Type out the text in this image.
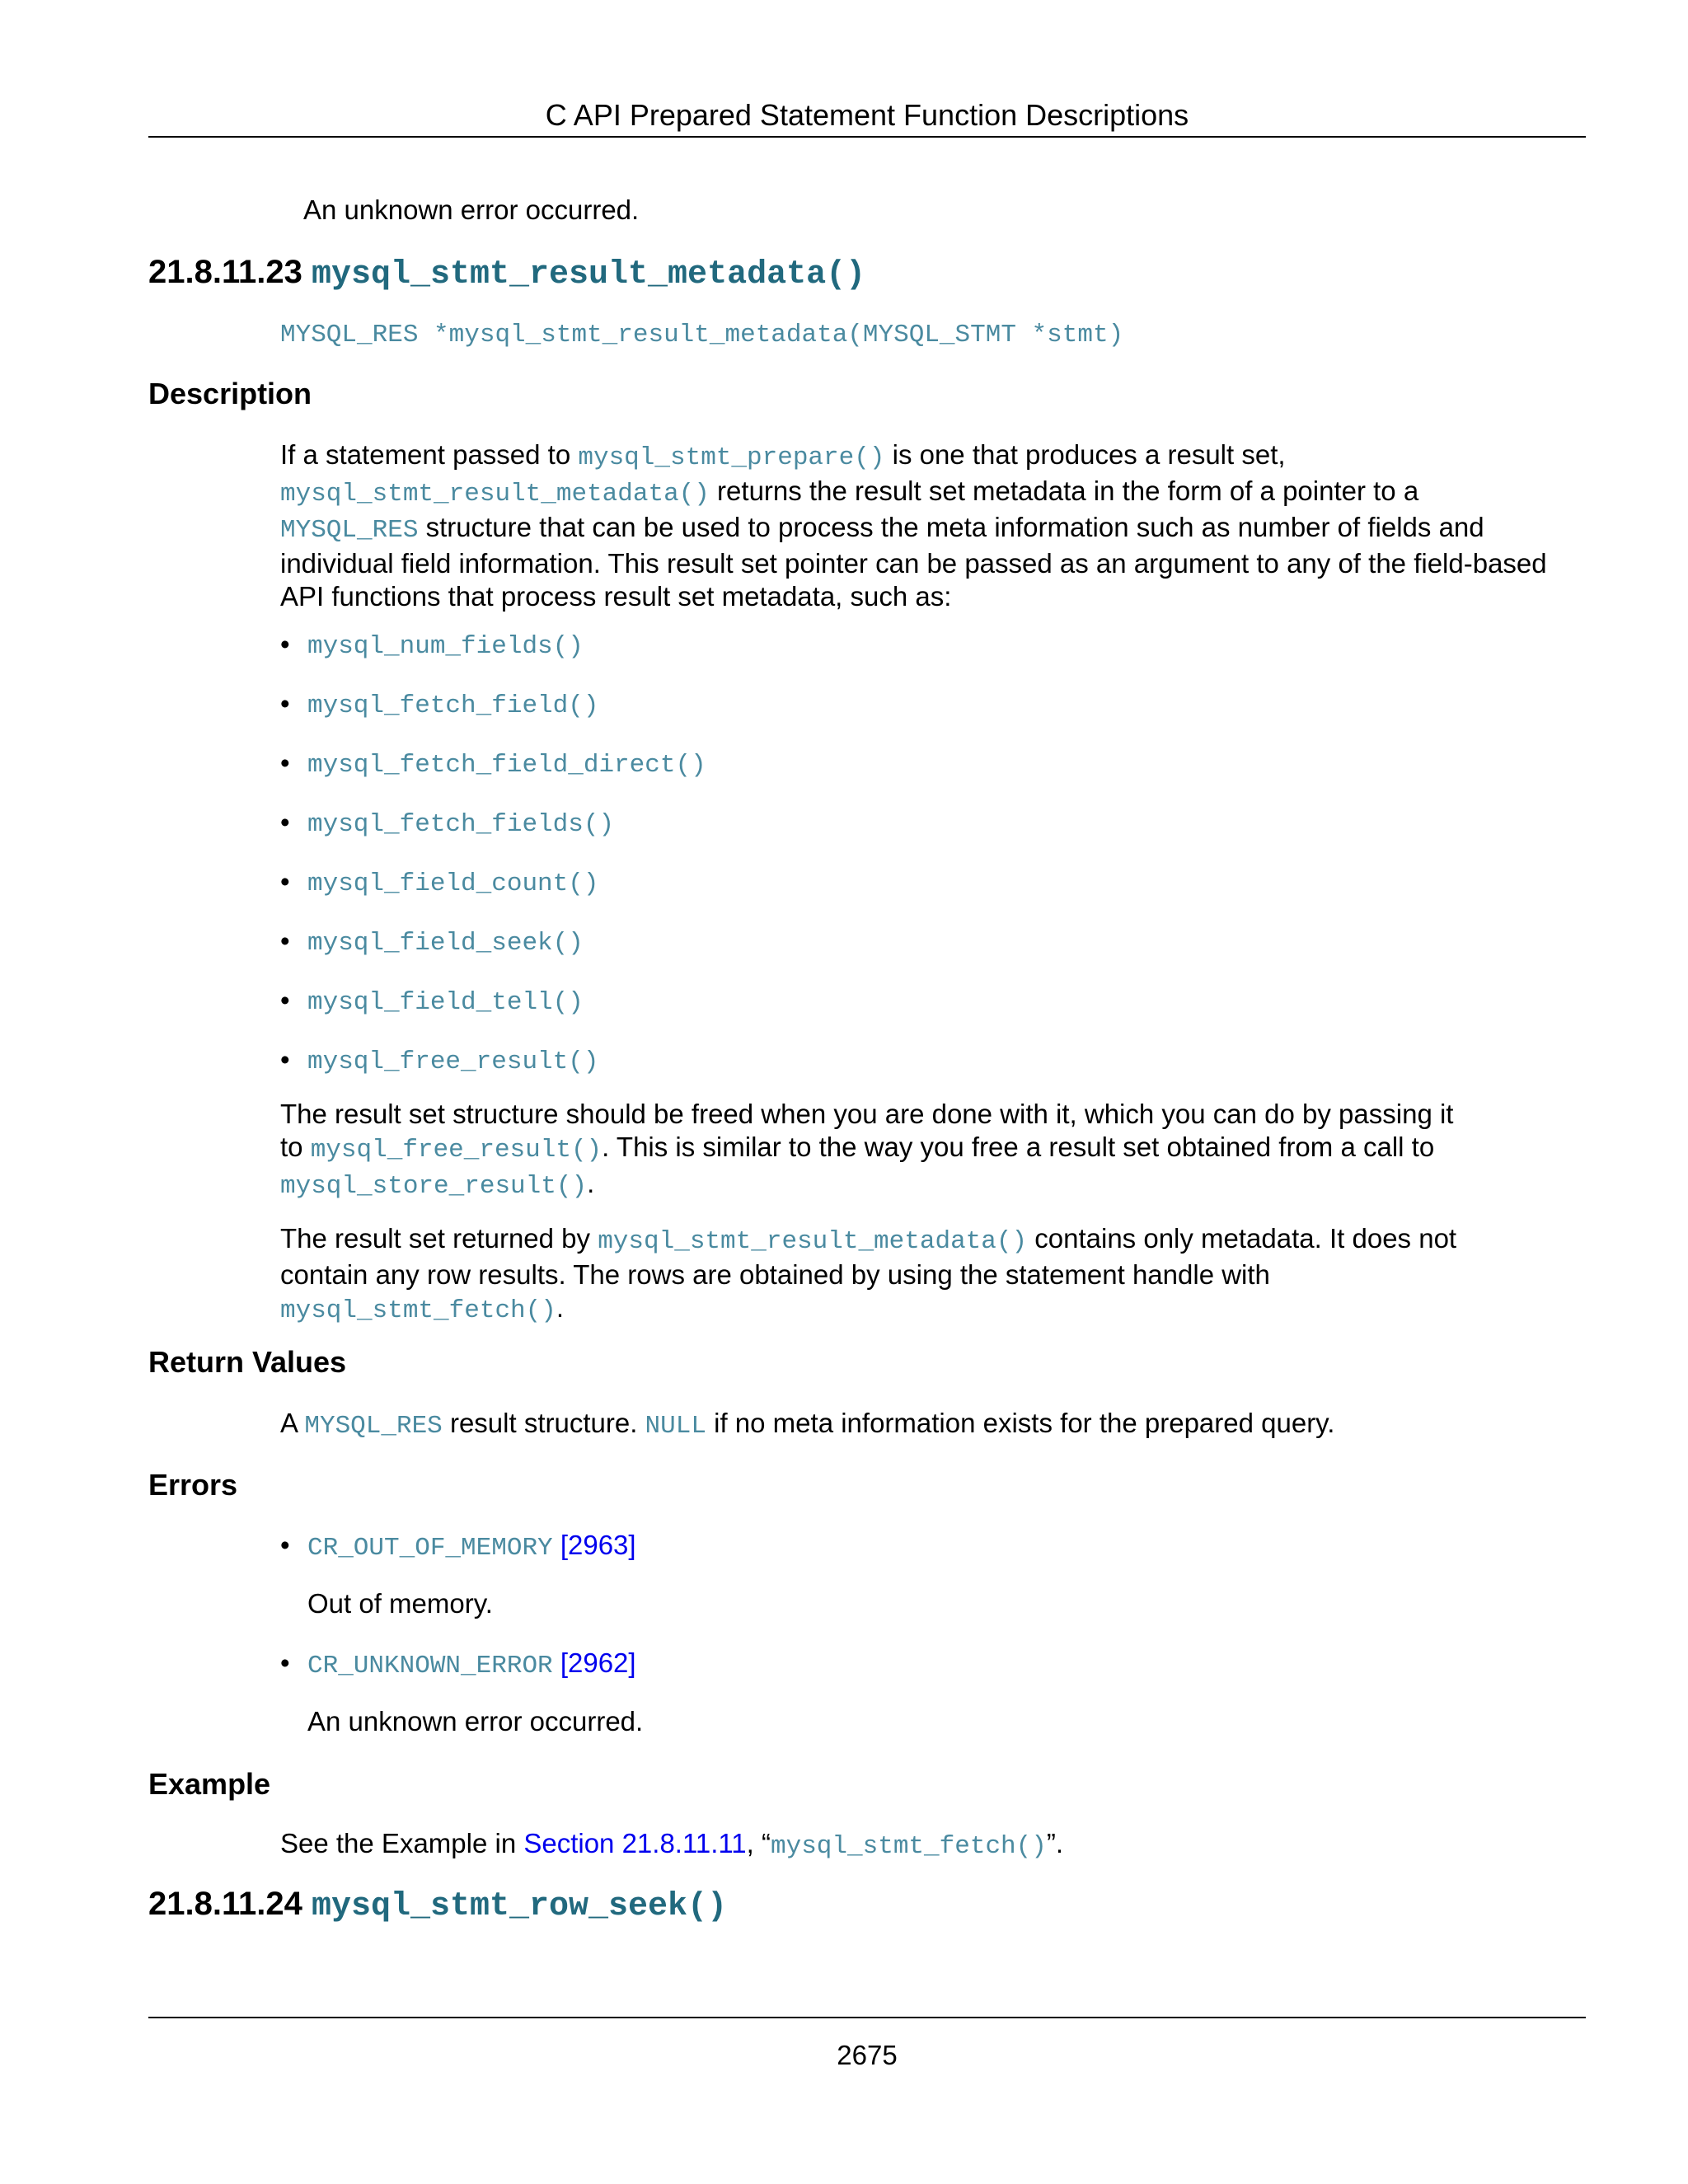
C API Prepared Statement Function Descriptions
An unknown error occurred.
21.8.11.23 mysql_stmt_result_metadata()
MYSQL_RES *mysql_stmt_result_metadata(MYSQL_STMT *stmt)
Description
If a statement passed to mysql_stmt_prepare() is one that produces a result set,
mysql_stmt_result_metadata() returns the result set metadata in the form of a pointer to a
MYSQL_RES structure that can be used to process the meta information such as number of fields and individual field information. This result set pointer can be passed as an argument to any of the field-based API functions that process result set metadata, such as:
• mysql_num_fields()
• mysql_fetch_field()
• mysql_fetch_field_direct()
• mysql_fetch_fields()
• mysql_field_count()
• mysql_field_seek()
• mysql_field_tell()
• mysql_free_result()
The result set structure should be freed when you are done with it, which you can do by passing it to mysql_free_result(). This is similar to the way you free a result set obtained from a call to mysql_store_result().
The result set returned by mysql_stmt_result_metadata() contains only metadata. It does not contain any row results. The rows are obtained by using the statement handle with mysql_stmt_fetch().
Return Values
A MYSQL_RES result structure. NULL if no meta information exists for the prepared query.
Errors
• CR_OUT_OF_MEMORY [2963]
Out of memory.
• CR_UNKNOWN_ERROR [2962]
An unknown error occurred.
Example
See the Example in Section 21.8.11.11, “mysql_stmt_fetch()”.
21.8.11.24 mysql_stmt_row_seek()
2675
